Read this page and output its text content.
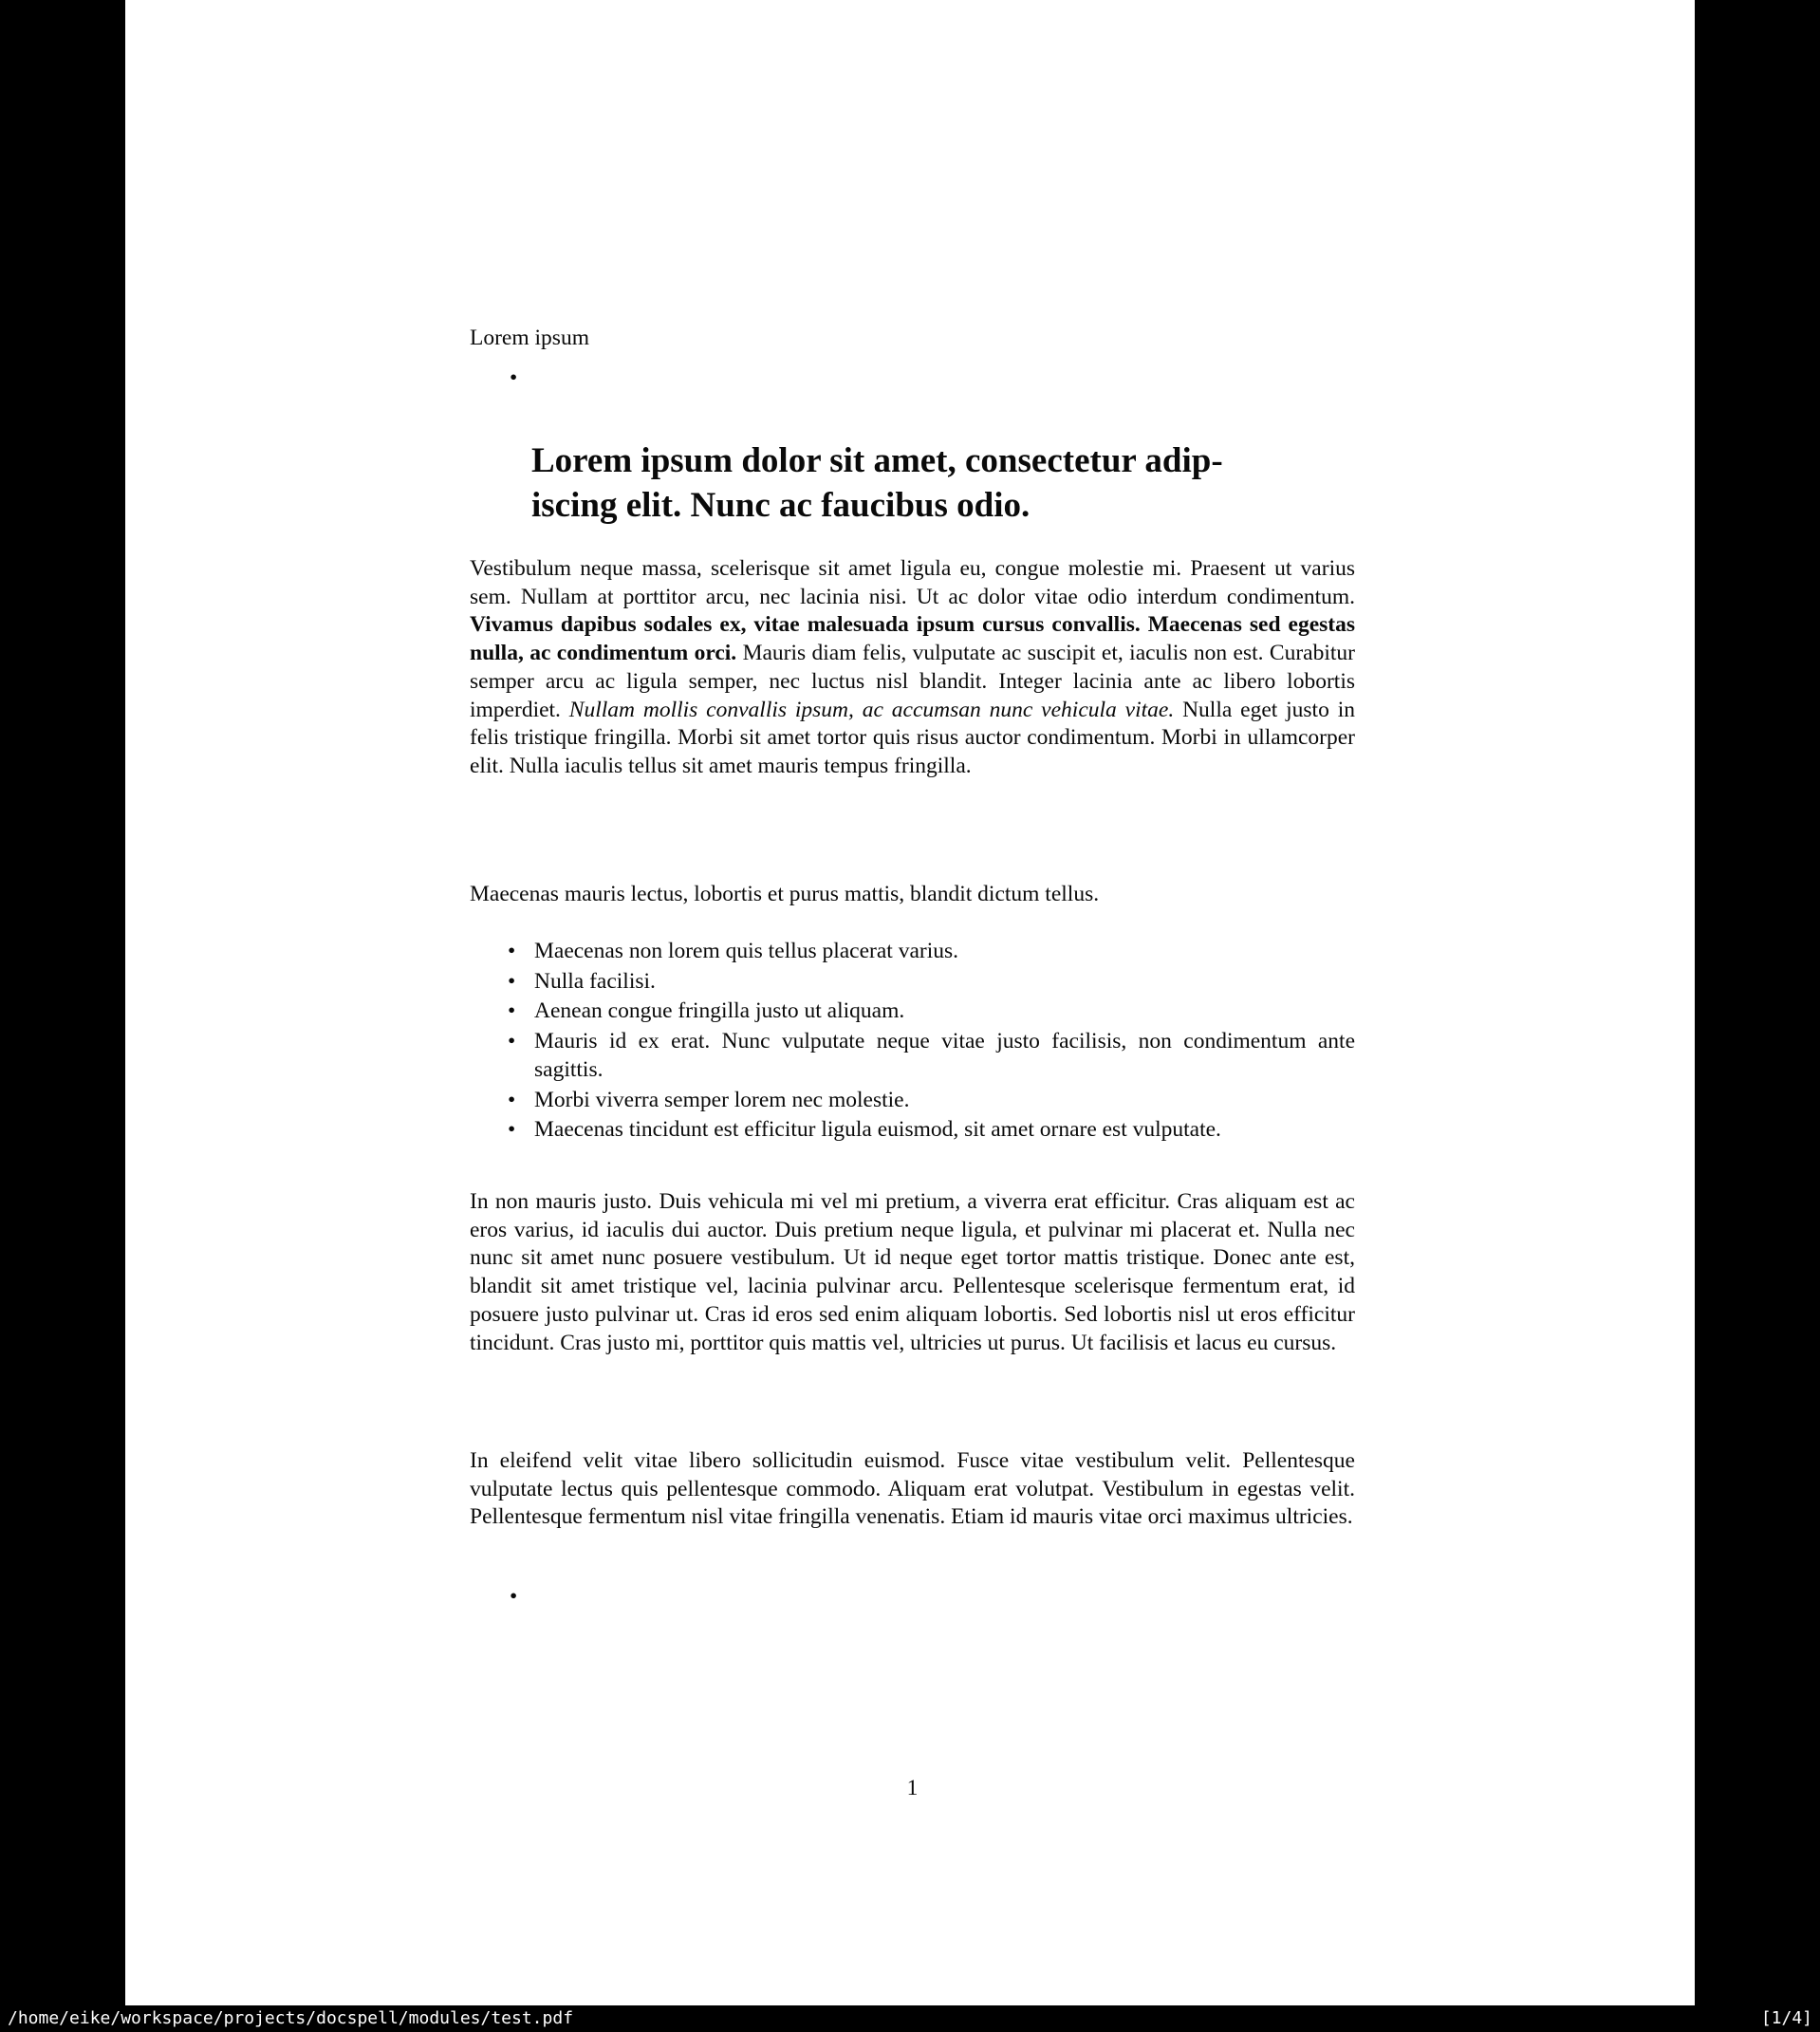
Lorem ipsum
•
Lorem ipsum dolor sit amet, consectetur adip-
iscing elit. Nunc ac faucibus odio.

Vestibulum neque massa, scelerisque sit amet ligula eu, congue molestie mi. Praesent ut varius sem. Nullam at porttitor arcu, nec lacinia nisi. Ut ac dolor vitae odio interdum condimentum. Vivamus dapibus sodales ex, vitae malesuada ipsum cursus convallis. Maecenas sed egestas nulla, ac condimentum orci. Mauris diam felis, vulputate ac suscipit et, iaculis non est. Curabitur semper arcu ac ligula semper, nec luctus nisl blandit. Integer lacinia ante ac libero lobortis imperdiet. Nullam mollis convallis ipsum, ac accumsan nunc vehicula vitae. Nulla eget justo in felis tristique fringilla. Morbi sit amet tortor quis risus auctor condimentum. Morbi in ullamcorper elit. Nulla iaculis tellus sit amet mauris tempus fringilla.

Maecenas mauris lectus, lobortis et purus mattis, blandit dictum tellus.

• Maecenas non lorem quis tellus placerat varius.
• Nulla facilisi.
• Aenean congue fringilla justo ut aliquam.
• Mauris id ex erat. Nunc vulputate neque vitae justo facilisis, non condimentum ante sagittis.
• Morbi viverra semper lorem nec molestie.
• Maecenas tincidunt est efficitur ligula euismod, sit amet ornare est vulputate.

In non mauris justo. Duis vehicula mi vel mi pretium, a viverra erat efficitur. Cras aliquam est ac eros varius, id iaculis dui auctor. Duis pretium neque ligula, et pulvinar mi placerat et. Nulla nec nunc sit amet nunc posuere vestibulum. Ut id neque eget tortor mattis tristique. Donec ante est, blandit sit amet tristique vel, lacinia pulvinar arcu. Pellentesque scelerisque fermentum erat, id posuere justo pulvinar ut. Cras id eros sed enim aliquam lobortis. Sed lobortis nisl ut eros efficitur tincidunt. Cras justo mi, porttitor quis mattis vel, ultricies ut purus. Ut facilisis et lacus eu cursus.

In eleifend velit vitae libero sollicitudin euismod. Fusce vitae vestibulum velit. Pellentesque vulputate lectus quis pellentesque commodo. Aliquam erat volutpat. Vestibulum in egestas velit. Pellentesque fermentum nisl vitae fringilla venenatis. Etiam id mauris vitae orci maximus ultricies.

•
1
/home/eike/workspace/projects/docspell/modules/test.pdf	[1/4]
